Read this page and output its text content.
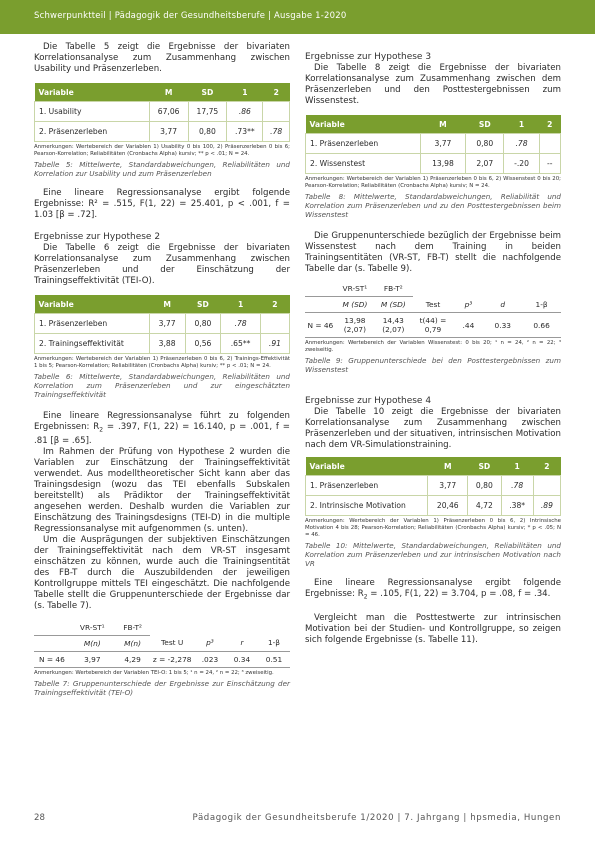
Schwerpunktteil | Pädagogik der Gesundheitsberufe | Ausgabe 1-2020

Die Tabelle 5 zeigt die Ergebnisse der bivariaten Korrelationsanalyse zum Zusammenhang zwischen Usability und Präsenzerleben.

Variable	M	SD	1	2
1. Usability	67,06	17,75	.86	
2. Präsenzerleben	3,77	0,80	.73**	.78

Anmerkungen: Wertebereich der Variablen 1) Usability 0 bis 100, 2) Präsenzerleben 0 bis 6; Pearson-Korrelation; Reliabilitäten (Cronbachs Alpha) kursiv; ** p < .01; N = 24.

Tabelle 5: Mittelwerte, Standardabweichungen, Reliabilitäten und Korrelation zur Usability und zum Präsenzerleben

Eine lineare Regressionsanalyse ergibt folgende Ergebnisse: R² = .515, F(1, 22) = 25.401, p < .001, f = 1.03 [β = .72].

Ergebnisse zur Hypothese 2

Die Tabelle 6 zeigt die Ergebnisse der bivariaten Korrelationsanalyse zum Zusammenhang zwischen Präsenzerleben und der Einschätzung der Trainingseffektivität (TEI-O).

Variable	M	SD	1	2
1. Präsenzerleben	3,77	0,80	.78	
2. Trainingseffektivität	3,88	0,56	.65**	.91

Anmerkungen: Wertebereich der Variablen 1) Präsenzerleben 0 bis 6, 2) Trainings-Effektivität 1 bis 5; Pearson-Korrelation; Reliabilitäten (Cronbachs Alpha) kursiv; ** p < .01; N = 24.

Tabelle 6: Mittelwerte, Standardabweichungen, Reliabilitäten und Korrelation zum Präsenzerleben und zur eingeschätzten Trainingseffektivität

Eine lineare Regressionsanalyse führt zu folgenden Ergebnissen: $R_2 = .397$, F(1, 22) = 16.140, p = .001, f = .81 [β = .65].

Im Rahmen der Prüfung von Hypothese 2 wurden die Variablen zur Einschätzung der Trainingseffektivität verwendet. Aus modelltheoretischer Sicht kann aber das Trainingsdesign (wozu das TEI ebenfalls Subskalen bereitstellt) als Prädiktor der Trainingseffektivität angesehen werden. Deshalb wurden die Variablen zur Einschätzung des Trainingsdesigns (TEI-D) in die multiple Regressionsanalyse mit aufgenommen (s. unten).

Um die Ausprägungen der subjektiven Einschätzungen der Trainingseffektivität nach dem VR-ST insgesamt einschätzen zu können, wurde auch die Trainingsentität des FB-T durch die Auszubildenden der jeweiligen Kontrollgruppe mittels TEI eingeschätzt. Die nachfolgende Tabelle stellt die Gruppenunterschiede der Ergebnisse dar (s. Tabelle 7).

	VR-ST¹	FB-T²				
	M(n)	M(n)	Test U	p³	r	1-β
N = 46	3,97	4,29	z = -2,278	.023	0.34	0.51

Anmerkungen: Wertebereich der Variablen TEI-O: 1 bis 5; ¹ n = 24, ² n = 22; ³ zweiseitig.

Tabelle 7: Gruppenunterschiede der Ergebnisse zur Einschätzung der Trainingseffektivität (TEI-O)

Ergebnisse zur Hypothese 3

Die Tabelle 8 zeigt die Ergebnisse der bivariaten Korrelationsanalyse zum Zusammenhang zwischen dem Präsenzerleben und den Posttestergebnissen zum Wissenstest.

Variable	M	SD	1	2
1. Präsenzerleben	3,77	0,80	.78	
2. Wissenstest	13,98	2,07	-.20	--

Anmerkungen: Wertebereich der Variablen 1) Präsenzerleben 0 bis 6, 2) Wissenstest 0 bis 20; Pearson-Korrelation; Reliabilitäten (Cronbachs Alpha) kursiv; N = 24.

Tabelle 8: Mittelwerte, Standardabweichungen, Reliabilität und Korrelation zum Präsenzerleben und zu den Posttestergebnissen beim Wissenstest

Die Gruppenunterschiede bezüglich der Ergebnisse beim Wissenstest nach dem Training in beiden Trainingsentitäten (VR-ST, FB-T) stellt die nachfolgende Tabelle dar (s. Tabelle 9).

	VR-ST¹	FB-T²				
	M (SD)	M (SD)	Test	p³	d	1-β
N = 46	13,98 (2,07)	14,43 (2,07)	t(44) = 0,79	.44	0.33	0.66

Anmerkungen: Wertebereich der Variablen Wissenstest: 0 bis 20; ¹ n = 24, ² n = 22; ³ zweiseitig.

Tabelle 9: Gruppenunterschiede bei den Posttestergebnissen zum Wissenstest

Ergebnisse zur Hypothese 4

Die Tabelle 10 zeigt die Ergebnisse der bivariaten Korrelationsanalyse zum Zusammenhang zwischen Präsenzerleben und der situativen, intrinsischen Motivation nach dem VR-Simulationstraining.

Variable	M	SD	1	2
1. Präsenzerleben	3,77	0,80	.78	
2. Intrinsische Motivation	20,46	4,72	.38*	.89

Anmerkungen: Wertebereich der Variablen 1) Präsenzerleben 0 bis 6, 2) Intrinsische Motivation 4 bis 28; Pearson-Korrelation; Reliabilitäten (Cronbachs Alpha) kursiv; * p < .05; N = 46.

Tabelle 10: Mittelwerte, Standardabweichungen, Reliabilitäten und Korrelation zum Präsenzerleben und zur intrinsischen Motivation nach VR

Eine lineare Regressionsanalyse ergibt folgende Ergebnisse: $R_2 = .105$, F(1, 22) = 3.704, p = .08, f = .34.

Vergleicht man die Posttestwerte zur intrinsischen Motivation bei der Studien- und Kontrollgruppe, so zeigen sich folgende Ergebnisse (s. Tabelle 11).

28	Pädagogik der Gesundheitsberufe 1/2020 | 7. Jahrgang | hpsmedia, Hungen
